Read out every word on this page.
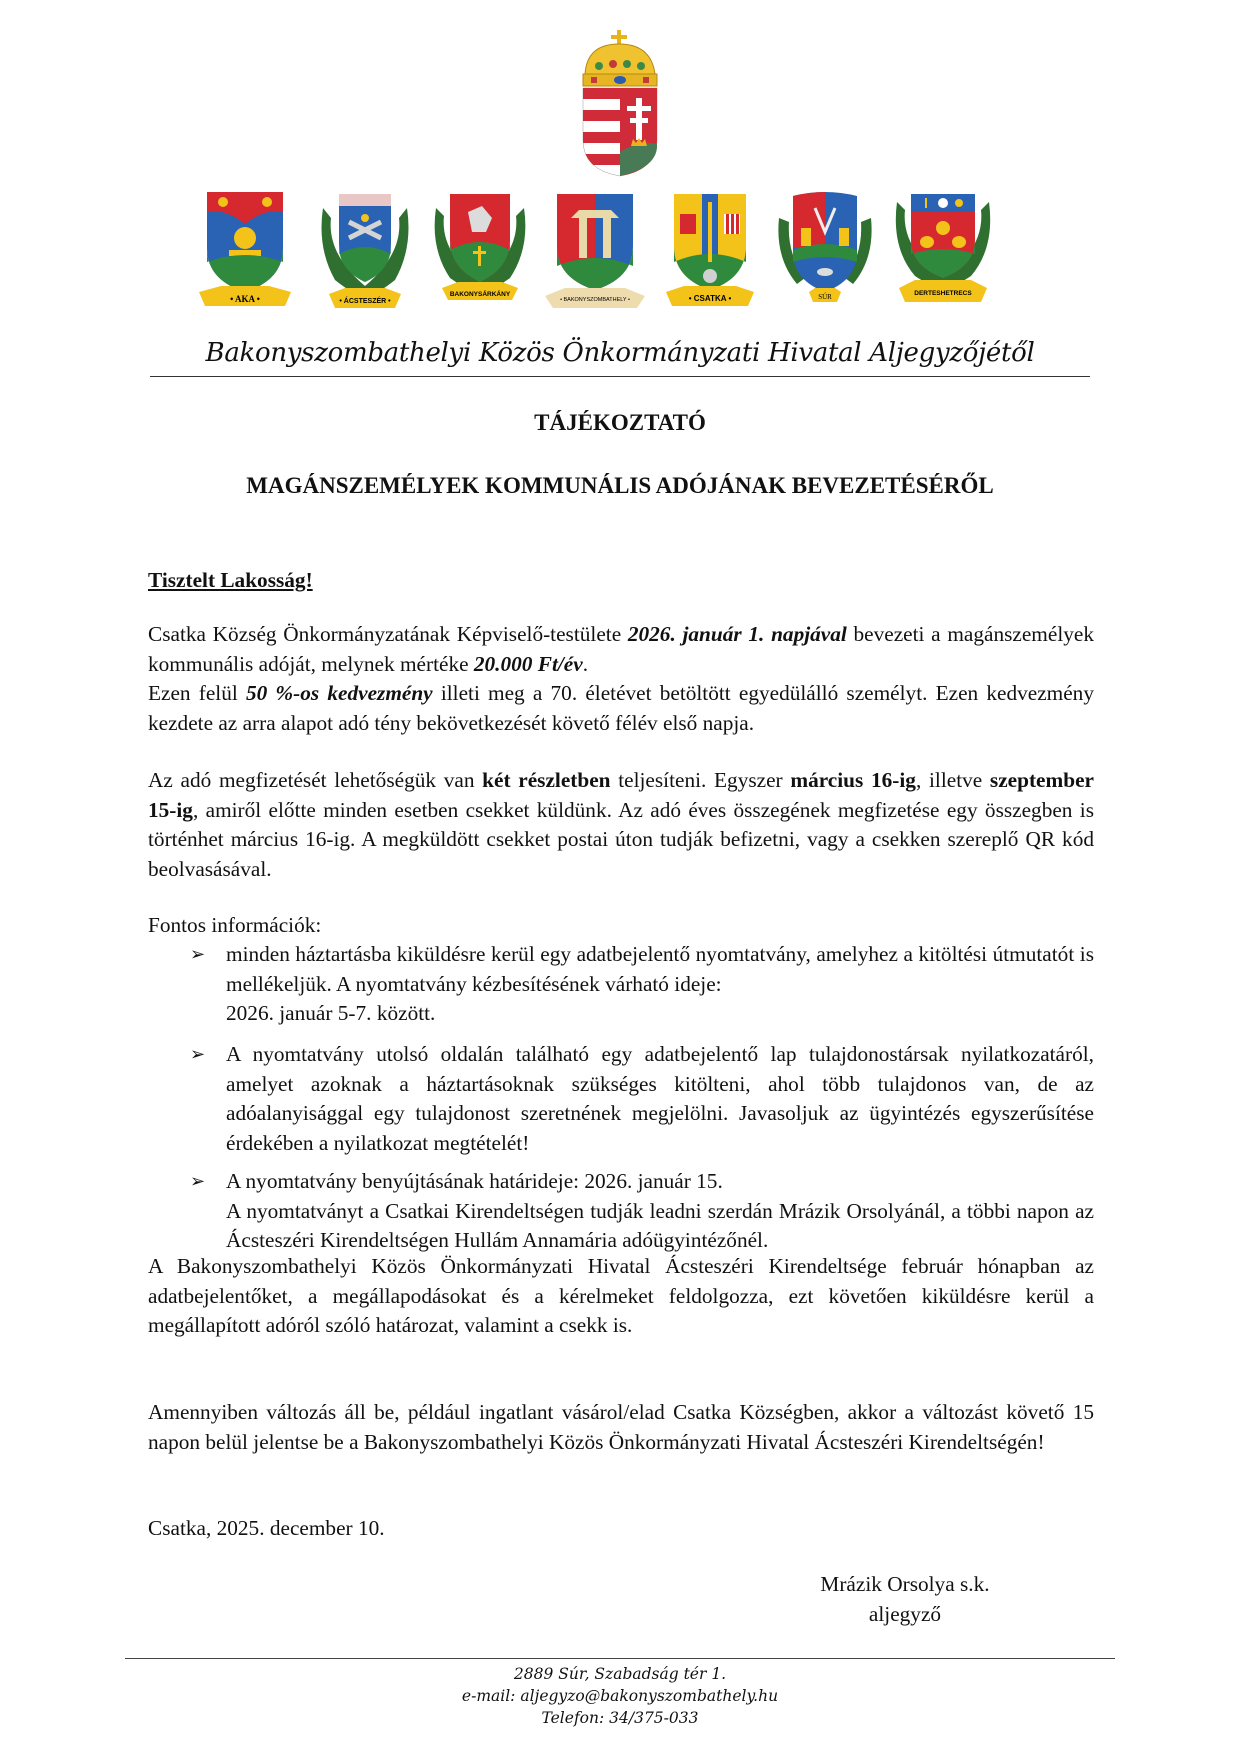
• AKA •	• ÁCSTESZÉR •
BAKONYSÁRKÁNY
• BAKONYSZOMBATHELY •	• CSATKA •	SÚR	DERTESHETRECS
Bakonyszombathelyi Közös Önkormányzati Hivatal Aljegyzőjétől
TÁJÉKOZTATÓ
MAGÁNSZEMÉLYEK KOMMUNÁLIS ADÓJÁNAK BEVEZETÉSÉRŐL
Tisztelt Lakosság!

Csatka Község Önkormányzatának Képviselő-testülete 2026. január 1. napjával bevezeti a magánszemélyek kommunális adóját, melynek mértéke 20.000 Ft/év.

Ezen felül 50 %-os kedvezmény illeti meg a 70. életévet betöltött egyedülálló személyt. Ezen kedvezmény kezdete az arra alapot adó tény bekövetkezését követő félév első napja.

Az adó megfizetését lehetőségük van két részletben teljesíteni. Egyszer március 16-ig, illetve szeptember 15-ig, amiről előtte minden esetben csekket küldünk. Az adó éves összegének megfizetése egy összegben is történhet március 16-ig. A megküldött csekket postai úton tudják befizetni, vagy a csekken szereplő QR kód beolvasásával.

Fontos információk:
➢ minden háztartásba kiküldésre kerül egy adatbejelentő nyomtatvány, amelyhez a kitöltési útmutatót is mellékeljük. A nyomtatvány kézbesítésének várható ideje:

2026. január 5-7. között.

➢ A nyomtatvány utolsó oldalán található egy adatbejelentő lap tulajdonostársak nyilatkozatáról, amelyet azoknak a háztartásoknak szükséges kitölteni, ahol több tulajdonos van, de az adóalanyisággal egy tulajdonost szeretnének megjelölni. Javasoljuk az ügyintézés egyszerűsítése érdekében a nyilatkozat megtételét!

➢ A nyomtatvány benyújtásának határideje: 2026. január 15.

A nyomtatványt a Csatkai Kirendeltségen tudják leadni szerdán Mrázik Orsolyánál, a többi napon az Ácsteszéri Kirendeltségen Hullám Annamária adóügyintézőnél.

A Bakonyszombathelyi Közös Önkormányzati Hivatal Ácsteszéri Kirendeltsége február hónapban az adatbejelentőket, a megállapodásokat és a kérelmeket feldolgozza, ezt követően kiküldésre kerül a megállapított adóról szóló határozat, valamint a csekk is.
Amennyiben változás áll be, például ingatlant vásárol/elad Csatka Községben, akkor a változást követő 15 napon belül jelentse be a Bakonyszombathelyi Közös Önkormányzati Hivatal Ácsteszéri Kirendeltségén!
Csatka, 2025. december 10.
Mrázik Orsolya s.k.
aljegyző
2889 Súr, Szabadság tér 1.
e-mail: aljegyzo@bakonyszombathely.hu
Telefon: 34/375-033
